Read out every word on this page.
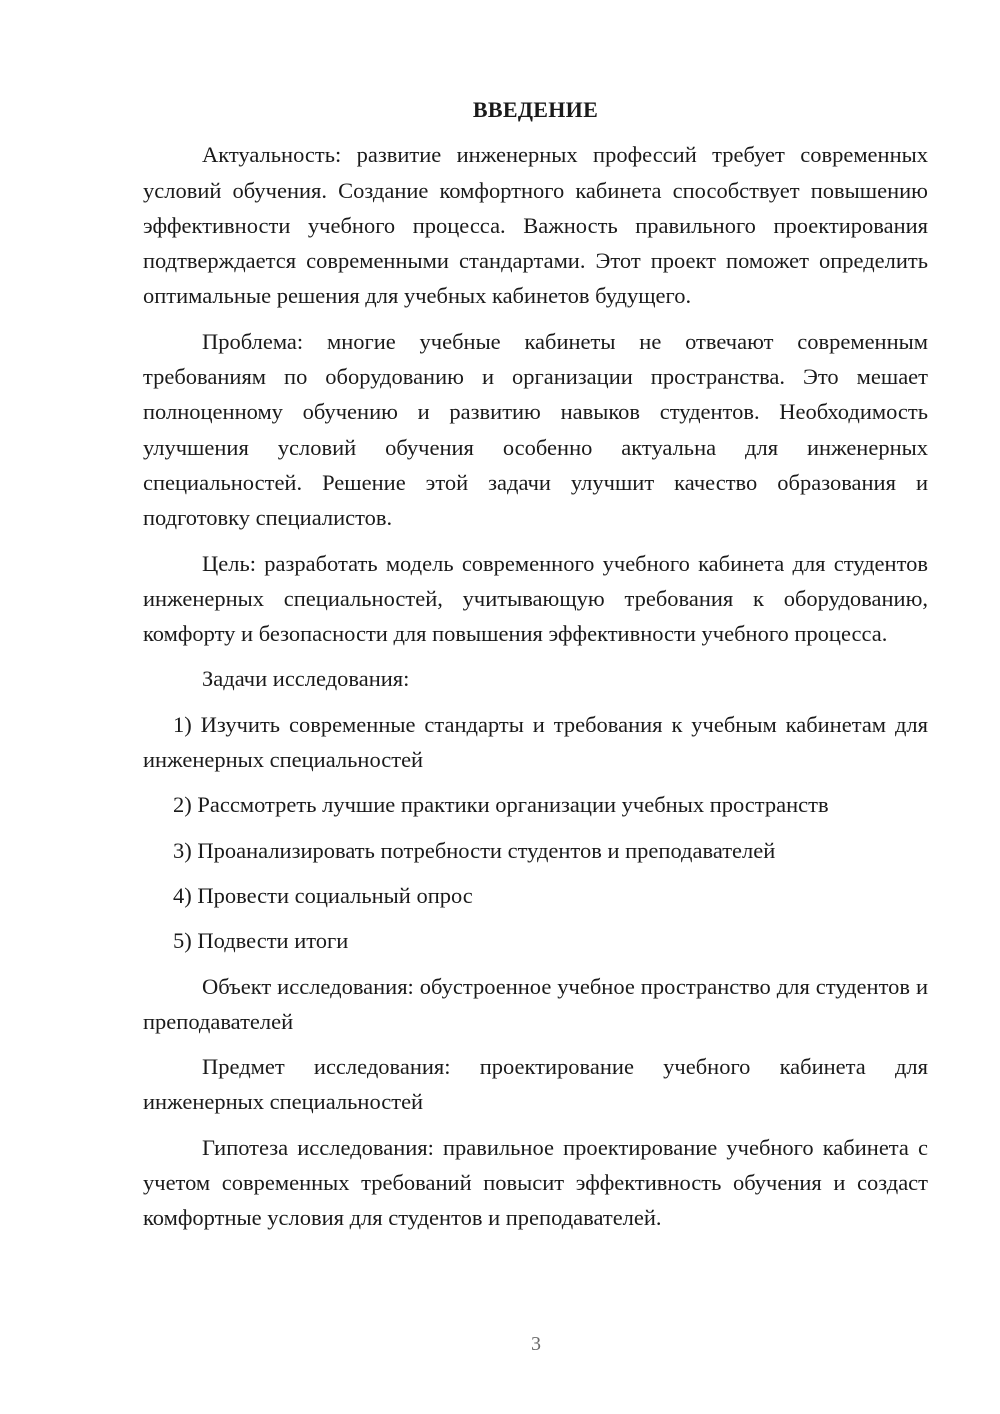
ВВЕДЕНИЕ

Актуальность: развитие инженерных профессий требует современных условий обучения. Создание комфортного кабинета способствует повышению эффективности учебного процесса. Важность правильного проектирования подтверждается современными стандартами. Этот проект поможет определить оптимальные решения для учебных кабинетов будущего.

Проблема: многие учебные кабинеты не отвечают современным требованиям по оборудованию и организации пространства. Это мешает полноценному обучению и развитию навыков студентов. Необходимость улучшения условий обучения особенно актуальна для инженерных специальностей. Решение этой задачи улучшит качество образования и подготовку специалистов.

Цель: разработать модель современного учебного кабинета для студентов инженерных специальностей, учитывающую требования к оборудованию, комфорту и безопасности для повышения эффективности учебного процесса.

Задачи исследования:

1) Изучить современные стандарты и требования к учебным кабинетам для инженерных специальностей

2) Рассмотреть лучшие практики организации учебных пространств

3) Проанализировать потребности студентов и преподавателей

4) Провести социальный опрос

5) Подвести итоги

Объект исследования: обустроенное учебное пространство для студентов и преподавателей

Предмет исследования: проектирование учебного кабинета для инженерных специальностей

Гипотеза исследования: правильное проектирование учебного кабинета с учетом современных требований повысит эффективность обучения и создаст комфортные условия для студентов и преподавателей.

3
